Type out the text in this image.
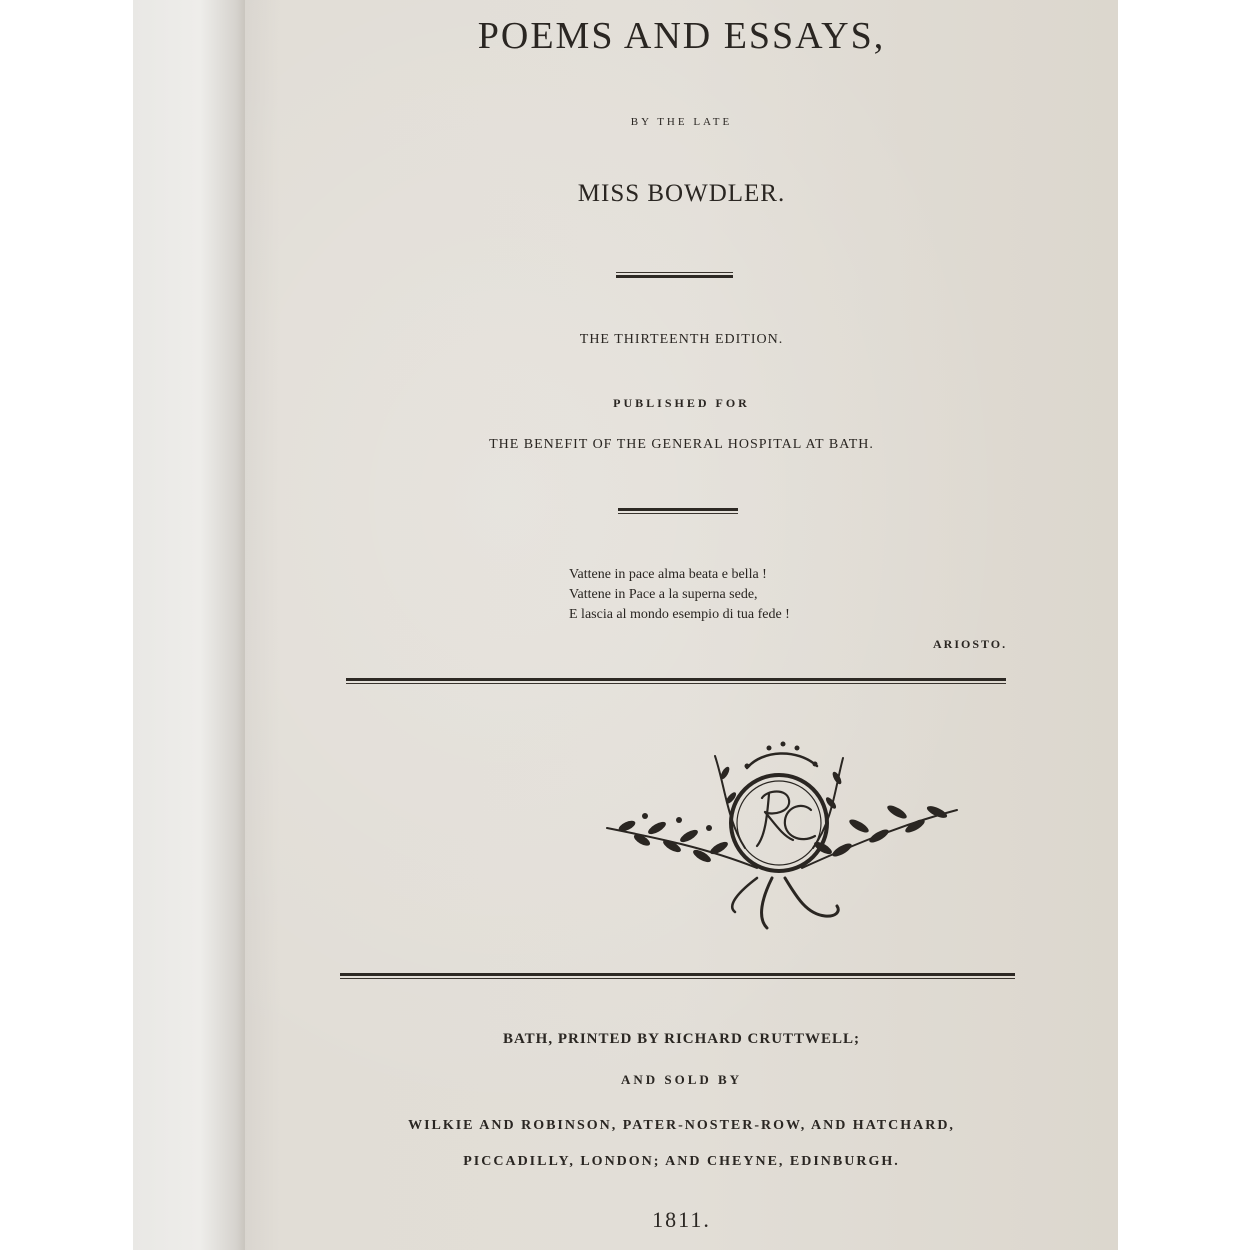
POEMS AND ESSAYS,
BY THE LATE
MISS BOWDLER.
THE THIRTEENTH EDITION.
PUBLISHED FOR
THE BENEFIT OF THE GENERAL HOSPITAL AT BATH.
Vattene in pace alma beata e bella !
Vattene in Pace a la superna sede,
E lascia al mondo esempio di tua fede !
ARIOSTO.
BATH, PRINTED BY RICHARD CRUTTWELL;
AND SOLD BY
WILKIE AND ROBINSON, PATER-NOSTER-ROW, AND HATCHARD,
PICCADILLY, LONDON; AND CHEYNE, EDINBURGH.
1811.
